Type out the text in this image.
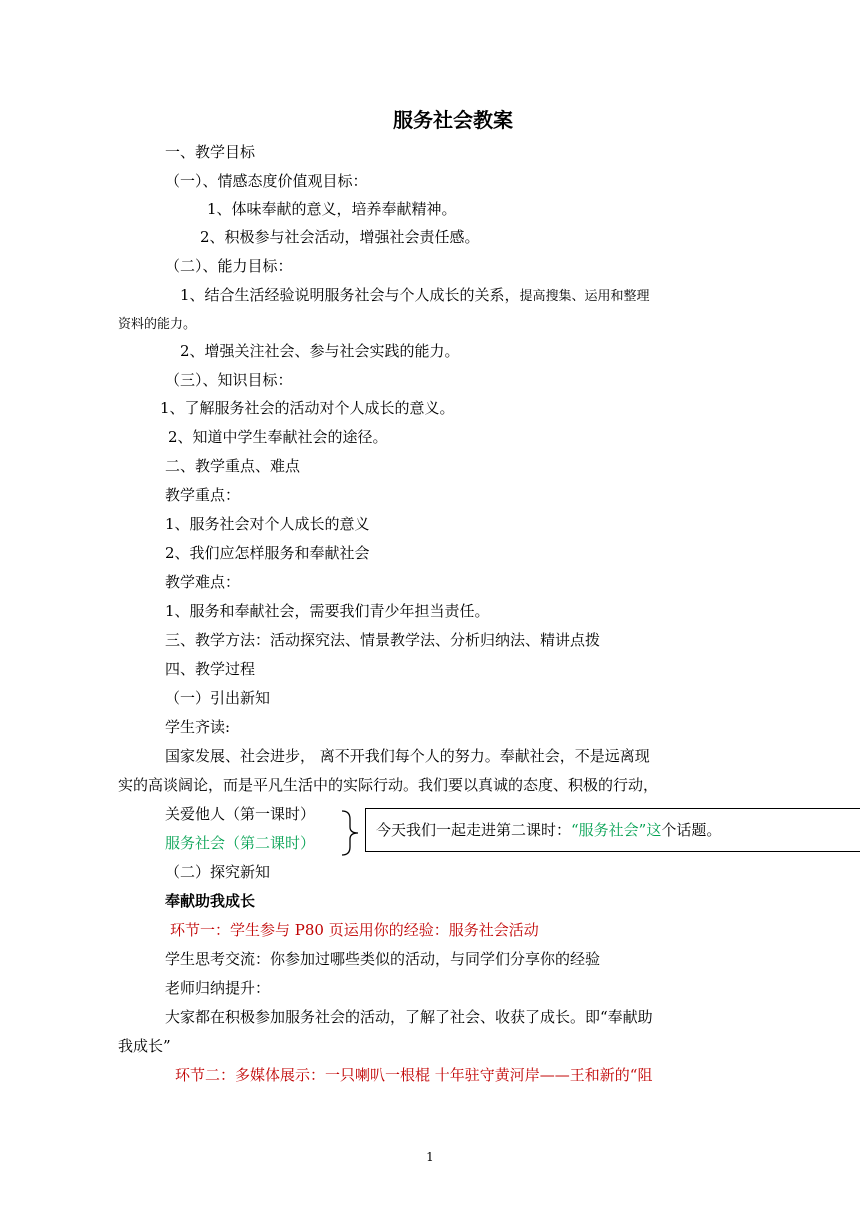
服务社会教案
一、教学目标
（一）、情感态度价值观目标：
1、体味奉献的意义，培养奉献精神。
2、积极参与社会活动，增强社会责任感。
（二）、能力目标：
1、结合生活经验说明服务社会与个人成长的关系，提高搜集、运用和整理
资料的能力。
2、增强关注社会、参与社会实践的能力。
（三）、知识目标：
1、了解服务社会的活动对个人成长的意义。
2、知道中学生奉献社会的途径。
二、教学重点、难点
教学重点：
1、服务社会对个人成长的意义
2、我们应怎样服务和奉献社会
教学难点：
1、服务和奉献社会，需要我们青少年担当责任。
三、教学方法：活动探究法、情景教学法、分析归纳法、精讲点拨
四、教学过程
（一）引出新知
学生齐读:
国家发展、社会进步， 离不开我们每个人的努力。奉献社会，不是远离现
实的高谈阔论，而是平凡生活中的实际行动。我们要以真诚的态度、积极的行动，
关爱他人（第一课时）
服务社会（第二课时）
今天我们一起走进第二课时：“服务社会”这个话题。
（二）探究新知
奉献助我成长
环节一：学生参与 P80 页运用你的经验：服务社会活动
学生思考交流：你参加过哪些类似的活动，与同学们分享你的经验
老师归纳提升：
大家都在积极参加服务社会的活动，了解了社会、收获了成长。即“奉献助
我成长”
环节二：多媒体展示：一只喇叭一根棍 十年驻守黄河岸——王和新的“阻
1
